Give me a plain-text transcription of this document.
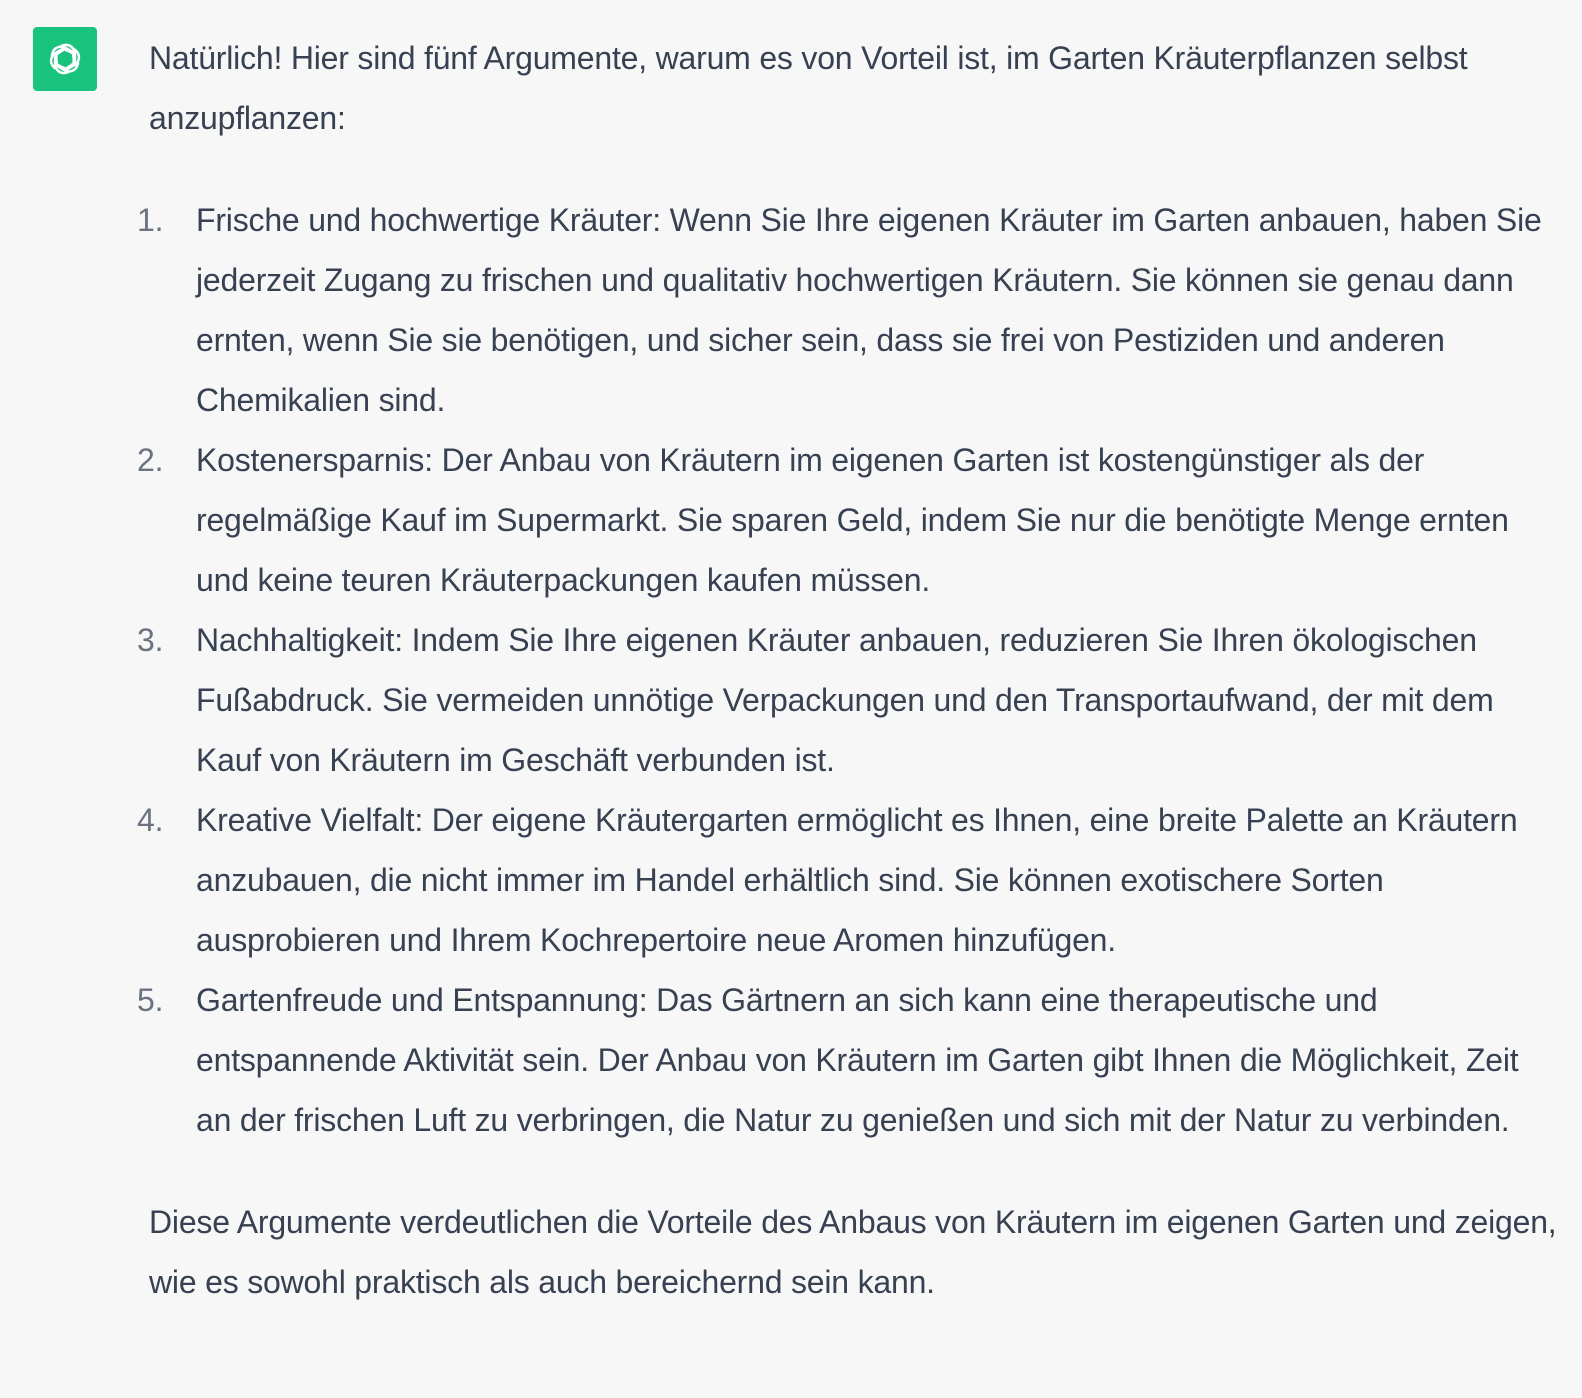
Natürlich! Hier sind fünf Argumente, warum es von Vorteil ist, im Garten Kräuterpflanzen selbst anzupflanzen:

1.	Frische und hochwertige Kräuter: Wenn Sie Ihre eigenen Kräuter im Garten anbauen, haben Sie jederzeit Zugang zu frischen und qualitativ hochwertigen Kräutern. Sie können sie genau dann ernten, wenn Sie sie benötigen, und sicher sein, dass sie frei von Pestiziden und anderen Chemikalien sind.
2.	Kostenersparnis: Der Anbau von Kräutern im eigenen Garten ist kostengünstiger als der regelmäßige Kauf im Supermarkt. Sie sparen Geld, indem Sie nur die benötigte Menge ernten und keine teuren Kräuterpackungen kaufen müssen.
3.	Nachhaltigkeit: Indem Sie Ihre eigenen Kräuter anbauen, reduzieren Sie Ihren ökologischen Fußabdruck. Sie vermeiden unnötige Verpackungen und den Transportaufwand, der mit dem Kauf von Kräutern im Geschäft verbunden ist.
4.	Kreative Vielfalt: Der eigene Kräutergarten ermöglicht es Ihnen, eine breite Palette an Kräutern anzubauen, die nicht immer im Handel erhältlich sind. Sie können exotischere Sorten ausprobieren und Ihrem Kochrepertoire neue Aromen hinzufügen.
5.	Gartenfreude und Entspannung: Das Gärtnern an sich kann eine therapeutische und entspannende Aktivität sein. Der Anbau von Kräutern im Garten gibt Ihnen die Möglichkeit, Zeit an der frischen Luft zu verbringen, die Natur zu genießen und sich mit der Natur zu verbinden.

Diese Argumente verdeutlichen die Vorteile des Anbaus von Kräutern im eigenen Garten und zeigen, wie es sowohl praktisch als auch bereichernd sein kann.
